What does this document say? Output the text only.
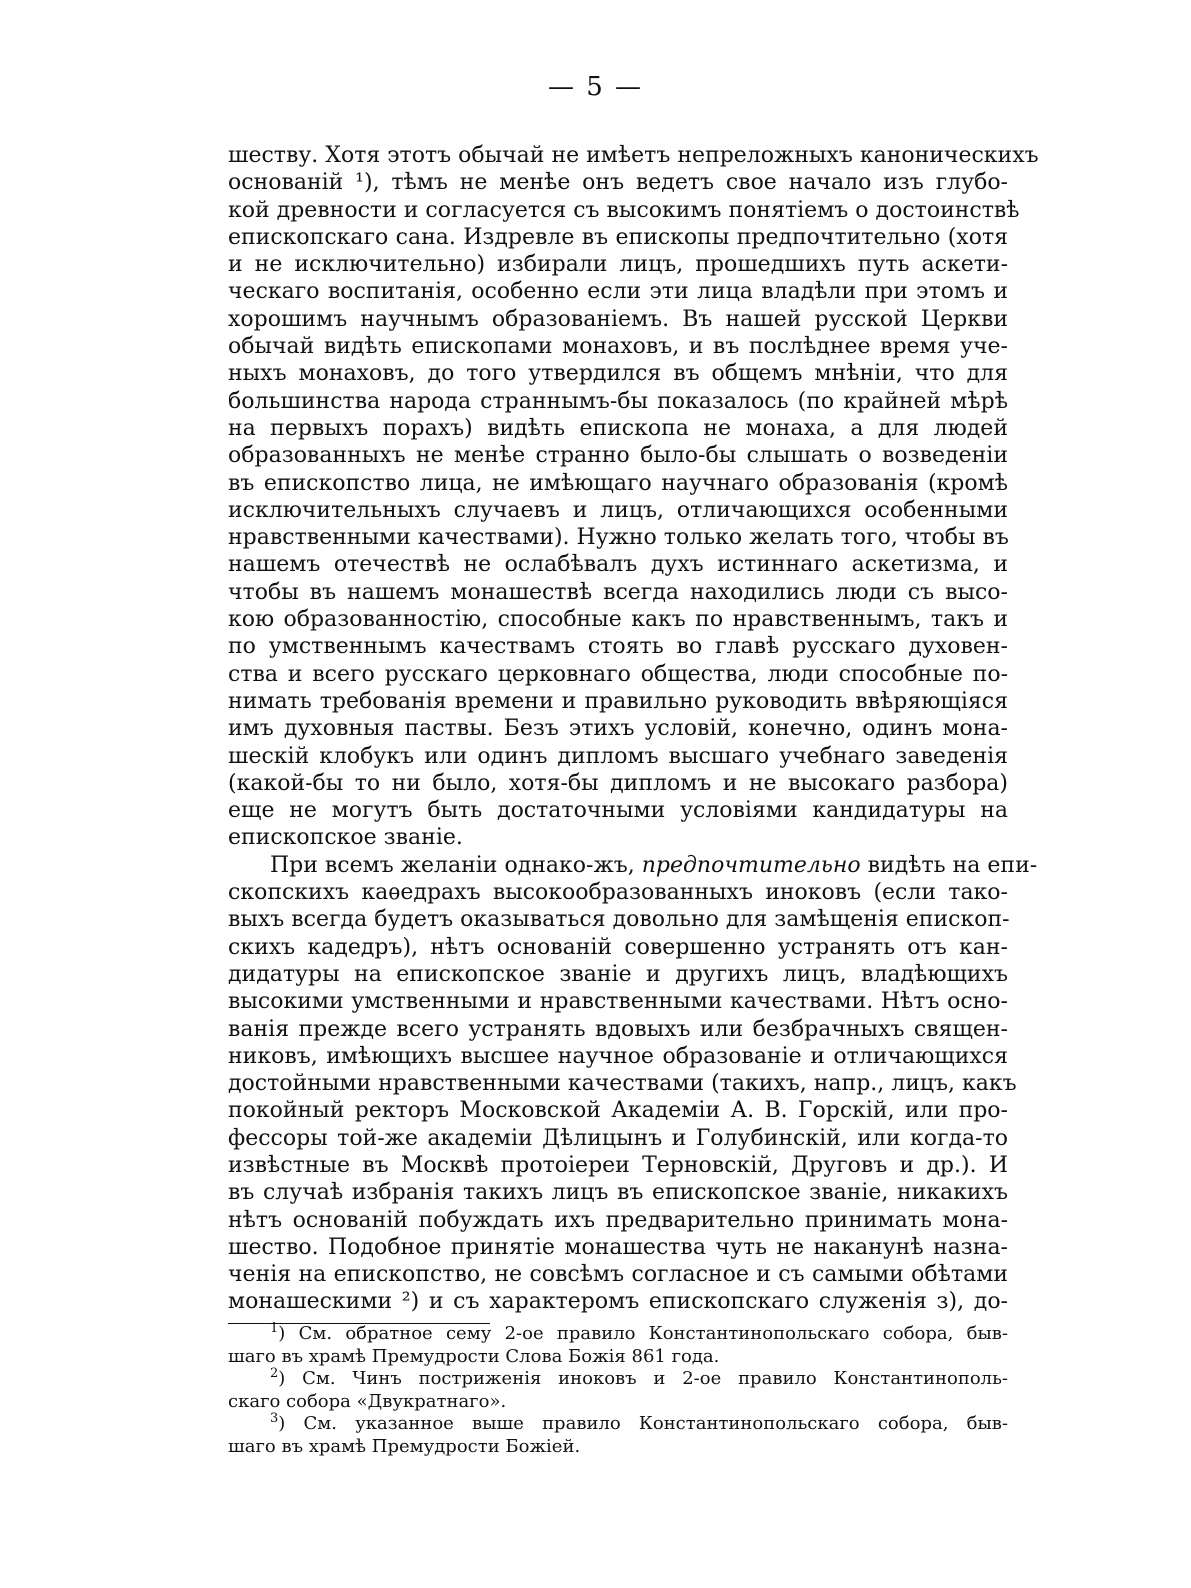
— 5 —
шеству. Хотя этотъ обычай не имѣетъ непреложныхъ каноническихъ
основаній ¹), тѣмъ не менѣе онъ ведетъ свое начало изъ глубо-
кой древности и согласуется съ высокимъ понятіемъ о достоинствѣ
епископскаго сана. Издревле въ епископы предпочтительно (хотя
и не исключительно) избирали лицъ, прошедшихъ путь аскети-
ческаго воспитанія, особенно если эти лица владѣли при этомъ и
хорошимъ научнымъ образованіемъ. Въ нашей русской Церкви
обычай видѣть епископами монаховъ, и въ послѣднее время уче-
ныхъ монаховъ, до того утвердился въ общемъ мнѣніи, что для
большинства народа страннымъ-бы показалось (по крайней мѣрѣ
на первыхъ порахъ) видѣть епископа не монаха, а для людей
образованныхъ не менѣе странно было-бы слышать о возведеніи
въ епископство лица, не имѣющаго научнаго образованія (кромѣ
исключительныхъ случаевъ и лицъ, отличающихся особенными
нравственными качествами). Нужно только желать того, чтобы въ
нашемъ отечествѣ не ослабѣвалъ духъ истиннаго аскетизма, и
чтобы въ нашемъ монашествѣ всегда находились люди съ высо-
кою образованностію, способные какъ по нравственнымъ, такъ и
по умственнымъ качествамъ стоять во главѣ русскаго духовен-
ства и всего русскаго церковнаго общества, люди способные по-
нимать требованія времени и правильно руководить ввѣряющіяся
имъ духовныя паствы. Безъ этихъ условій, конечно, одинъ мона-
шескій клобукъ или одинъ дипломъ высшаго учебнаго заведенія
(какой-бы то ни было, хотя-бы дипломъ и не высокаго разбора)
еще не могутъ быть достаточными условіями кандидатуры на
епископское званіе.
При всемъ желаніи однако-жъ, предпочтительно видѣть на епи-
скопскихъ каѳедрахъ высокообразованныхъ иноковъ (если тако-
выхъ всегда будетъ оказываться довольно для замѣщенія епископ-
скихъ кадедръ), нѣтъ основаній совершенно устранять отъ кан-
дидатуры на епископское званіе и другихъ лицъ, владѣющихъ
высокими умственными и нравственными качествами. Нѣтъ осно-
ванія прежде всего устранять вдовыхъ или безбрачныхъ священ-
никовъ, имѣющихъ высшее научное образованіе и отличающихся
достойными нравственными качествами (такихъ, напр., лицъ, какъ
покойный ректоръ Московской Академіи А. В. Горскій, или про-
фессоры той-же академіи Дѣлицынъ и Голубинскій, или когда-то
извѣстные въ Москвѣ протоіереи Терновскій, Друговъ и др.). И
въ случаѣ избранія такихъ лицъ въ епископское званіе, никакихъ
нѣтъ основаній побуждать ихъ предварительно принимать мона-
шество. Подобное принятіе монашества чуть не наканунѣ назна-
ченія на епископство, не совсѣмъ согласное и съ самыми обѣтами
монашескими ²) и съ характеромъ епископскаго служенія з), до-
$^1$) См. обратное сему 2-ое правило Константинопольскаго собора, быв-
шаго въ храмѣ Премудрости Слова Божія 861 года.
$^2$) См. Чинъ постриженія иноковъ и 2-ое правило Константинополь-
скаго собора «Двукратнаго».
$^3$) См. указанное выше правило Константинопольскаго собора, быв-
шаго въ храмѣ Премудрости Божіей.
